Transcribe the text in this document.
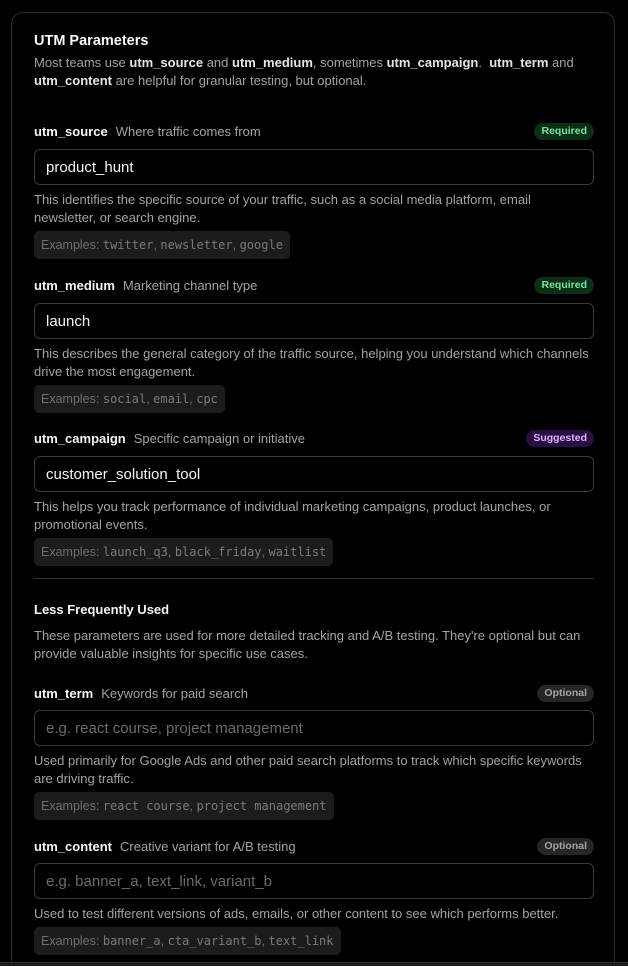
UTM Parameters
Most teams use utm_source and utm_medium, sometimes utm_campaign.  utm_term and
utm_content are helpful for granular testing, but optional.
utm_source Where traffic comes from	Required
product_hunt
This identifies the specific source of your traffic, such as a social media platform, email newsletter, or search engine.
Examples: twitter, newsletter, google
utm_medium Marketing channel type	Required
launch
This describes the general category of the traffic source, helping you understand which channels drive the most engagement.
Examples: social, email, cpc
utm_campaign Specific campaign or initiative	Suggested
customer_solution_tool
This helps you track performance of individual marketing campaigns, product launches, or promotional events.
Examples: launch_q3, black_friday, waitlist
Less Frequently Used
These parameters are used for more detailed tracking and A/B testing. They're optional but can provide valuable insights for specific use cases.
utm_term Keywords for paid search	Optional
e.g. react course, project management
Used primarily for Google Ads and other paid search platforms to track which specific keywords are driving traffic.
Examples: react course, project management
utm_content Creative variant for A/B testing	Optional
e.g. banner_a, text_link, variant_b
Used to test different versions of ads, emails, or other content to see which performs better.
Examples: banner_a, cta_variant_b, text_link
